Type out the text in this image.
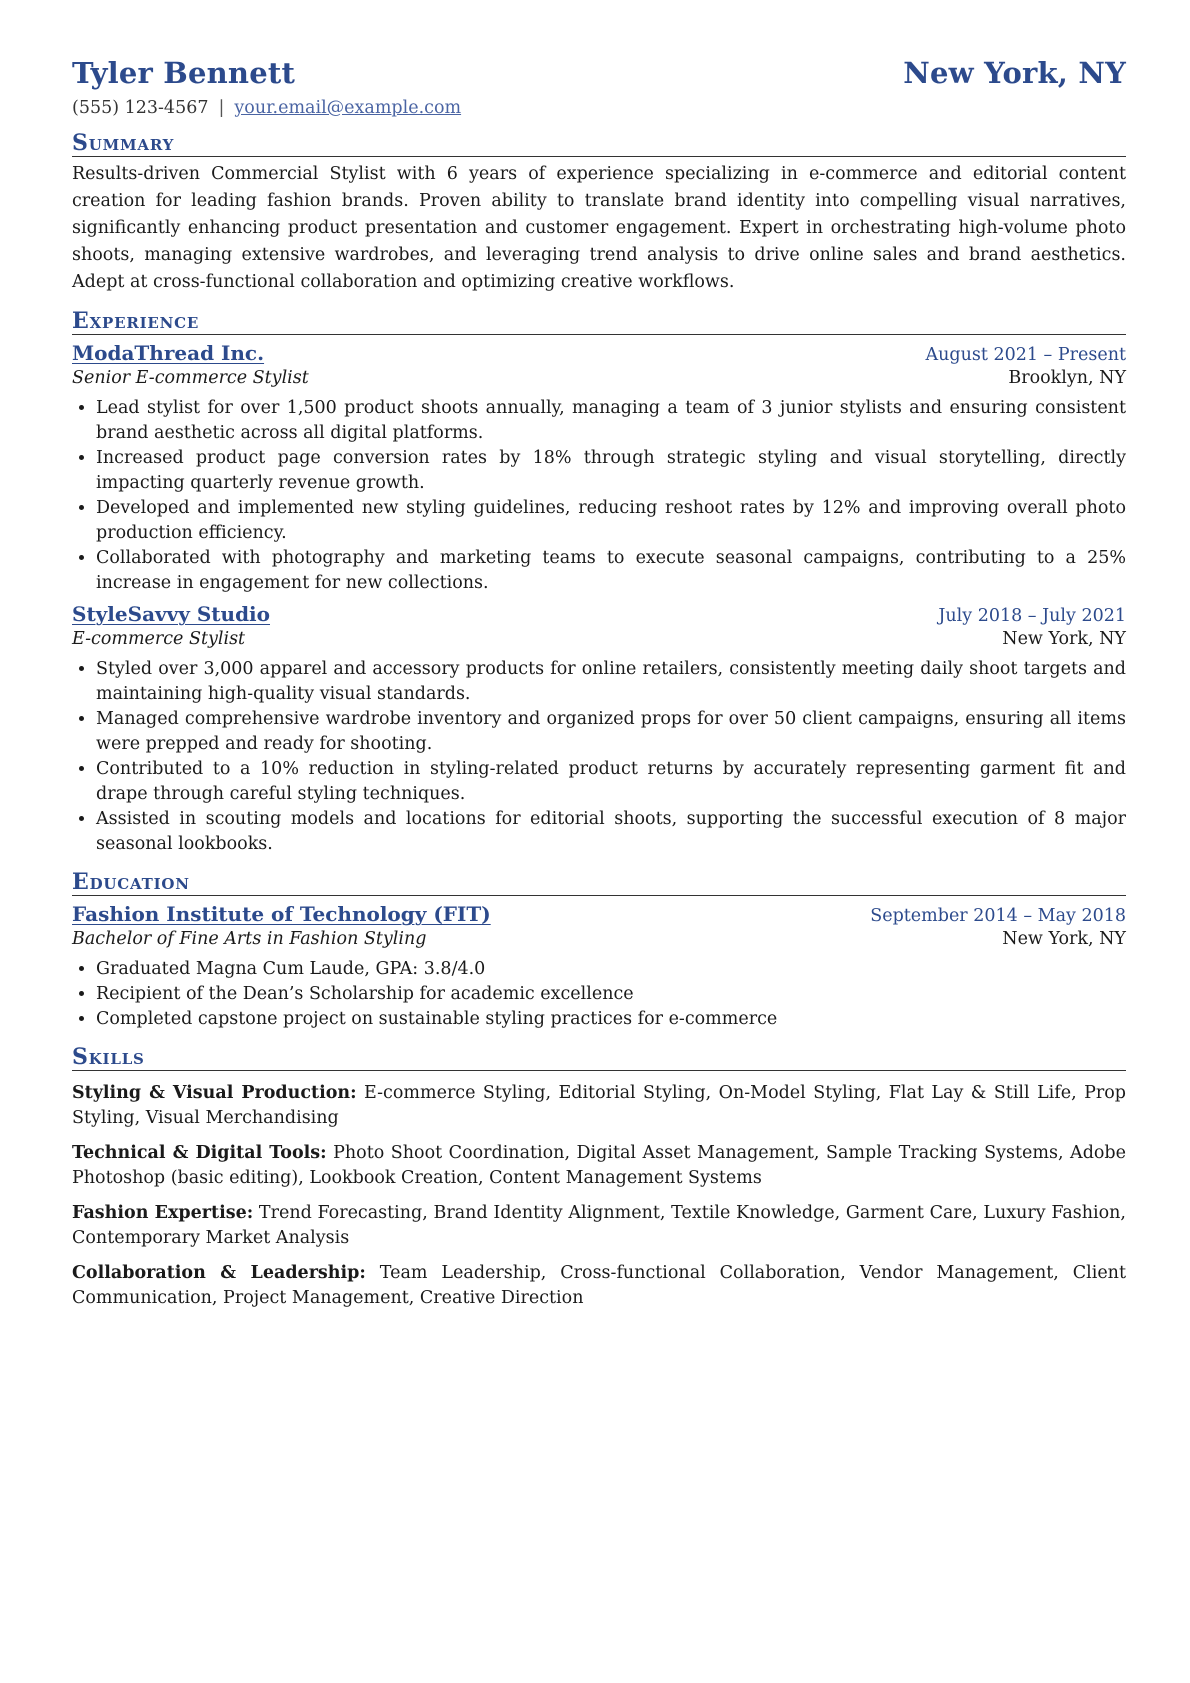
Tyler Bennett	New York, NY
(555) 123-4567 | your.email@example.com
Summary

Results-driven Commercial Stylist with 6 years of experience specializing in e-commerce and editorial content creation for leading fashion brands. Proven ability to translate brand identity into compelling visual narratives, significantly enhancing product presentation and customer engagement. Expert in orchestrating high-volume photo shoots, managing extensive wardrobes, and leveraging trend analysis to drive online sales and brand aesthetics. Adept at cross-functional collaboration and optimizing creative workflows.

Experience
ModaThread Inc.	August 2021 – Present
Senior E-commerce Stylist	Brooklyn, NY
• Lead stylist for over 1,500 product shoots annually, managing a team of 3 junior stylists and ensuring consistent brand aesthetic across all digital platforms.
• Increased product page conversion rates by 18% through strategic styling and visual storytelling, directly impacting quarterly revenue growth.
• Developed and implemented new styling guidelines, reducing reshoot rates by 12% and improving overall photo production efficiency.
• Collaborated with photography and marketing teams to execute seasonal campaigns, contributing to a 25% increase in engagement for new collections.
StyleSavvy Studio	July 2018 – July 2021
E-commerce Stylist	New York, NY
• Styled over 3,000 apparel and accessory products for online retailers, consistently meeting daily shoot targets and maintaining high-quality visual standards.
• Managed comprehensive wardrobe inventory and organized props for over 50 client campaigns, ensuring all items were prepped and ready for shooting.
• Contributed to a 10% reduction in styling-related product returns by accurately representing garment fit and drape through careful styling techniques.
• Assisted in scouting models and locations for editorial shoots, supporting the successful execution of 8 major seasonal lookbooks.
Education
Fashion Institute of Technology (FIT)	September 2014 – May 2018
Bachelor of Fine Arts in Fashion Styling	New York, NY
• Graduated Magna Cum Laude, GPA: 3.8/4.0
• Recipient of the Dean’s Scholarship for academic excellence
• Completed capstone project on sustainable styling practices for e-commerce
Skills
Styling & Visual Production: E-commerce Styling, Editorial Styling, On-Model Styling, Flat Lay & Still Life, Prop Styling, Visual Merchandising
Technical & Digital Tools: Photo Shoot Coordination, Digital Asset Management, Sample Tracking Systems, Adobe Photoshop (basic editing), Lookbook Creation, Content Management Systems
Fashion Expertise: Trend Forecasting, Brand Identity Alignment, Textile Knowledge, Garment Care, Luxury Fashion, Contemporary Market Analysis
Collaboration & Leadership: Team Leadership, Cross-functional Collaboration, Vendor Management, Client Communication, Project Management, Creative Direction
